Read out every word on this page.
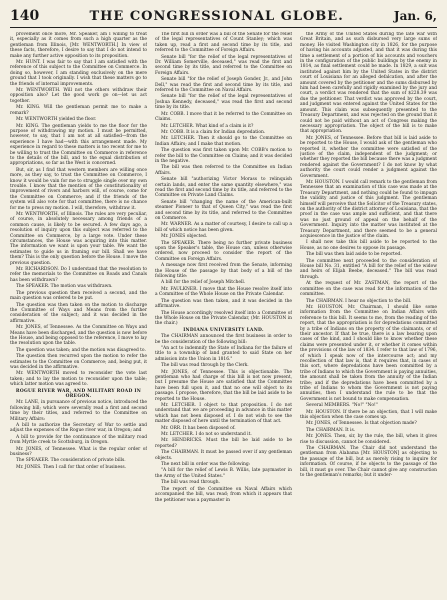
140	THE CONGRESSIONAL GLOBE.	Jan. 6,

provement once more, Mr. Speaker, am I willing to treat it, especially as it comes from such a high quarter as the gentleman from Illinois, [Mr. WENTWORTH.] In view of these facts, therefore, I desire to say that I do not intend to make any further active opposition to its proposition.

Mr. HUNT. I was fair to say that I am satisfied with the reference of this subject to the Committee on Commerce. In doing so, however, I am standing exclusively on the mere ground that I took originally. I wish that these matters go to the friends of internal improvements.

Mr. WENTWORTH. Will not the others withdraw their opposition also? Let the good work go on—let us act together.

Mr. KING. Will the gentleman permit me to make a remark?

Mr. WENTWORTH yielded the floor.

Mr. KING. The gentleman yields to me the floor for the purpose of withdrawing my motion. I must be permitted, however, to say, that I am not at all satisfied—from the experience I have had—with this arrangement made. My experience in regard to these matters is too recent for me to be willing to trust the Committee on Commerce in reference to the details of the bill, and to the equal distribution of appropriations, so far as the West is concerned.

But, sir, as I find that western members are willing once more, as they say, to trust the Committee on Commerce, I know it would be vain for me to struggle single over my own trouble. I know that the mention of the constitutionality of improvement of rivers and harbors will, of course, come for the Committee on Commerce; and if the friends of the system will also vote for that committee, there is no chance for me to press my motion. I will, therefore, withdraw it.

Mr. WENTWORTH, of Illinois. The rules are very peculiar, of course, in absolutely necessary among friends of a common cause, is likely to be secured. A few days ago, a resolution of inquiry upon this subject was referred to the Committee on Commerce, by a large vote. Under these circumstances, the House was acquiring into this matter. The information we want is upon your table. We want the estimates to guide us in framing our bill. Shall we have them? This is the only question before the House. I move the previous question.

Mr. RICHARDSON. Do I understand that the resolution to refer the memorials to the Committee on Roads and Canals has been withdrawn?

The SPEAKER. The motion was withdrawn.

The previous question then received a second, and the main question was ordered to be put.

The question was then taken on the motion to discharge the Committee of Ways and Means from the further consideration of the subject; and it was decided in the affirmative.

Mr. JONES, of Tennessee. As the Committee on Ways and Means have been discharged, and the question is now before the House, and being opposed to the reference, I move to lay the resolution upon the table.

The question was taken; and the motion was disagreed to.

The question then recurred upon the motion to refer the estimates to the Committee on Commerce; and, being put, it was decided in the affirmative.

Mr. WENTWORTH moved to reconsider the vote last taken; and to lay the motion to reconsider upon the table; which latter motion was agreed to.

ROGUE RIVER WAR, AND MILITARY ROAD IN OREGON.

Mr. LANE, in pursuance of previous notice, introduced the following bill; which were severally read a first and second time by their titles, and referred to the Committee on Military Affairs:

A bill to authorize the Secretary of War to settle and adjust the expenses of the Rogue river war, in Oregon; and

A bill to provide for the continuance of the military road from Myrtle creek to Scottsburg, in Oregon.

Mr. JONES, of Tennessee. What is the regular order of business?

The SPEAKER. The consideration of private bills.

Mr. JONES. Then I call for that order of business.

The first bill in order was a bill of the Senate for the relief of the legal representatives of Count Stanley; which was taken up, read a first and second time by its title, and referred to the Committee of Foreign Affairs.

Senate bill "for the relief of the legal representatives of Dr. William Somerville, deceased," was read the first and second time by its title, and referred to the Committee on Foreign Affairs.

Senate bill "for the relief of Joseph Gonder, Jr., and John Dell," was read the first and second time by its title, and referred to the Committee on Naval Affairs.

Senate bill "for the relief of the legal representatives of Joshua Kennedy, deceased," was read the first and second time by its title.

Mr. COBB. I move that it be referred to the Committee on Claims.

Mr. LETCHER. What kind of a claim is it?

Mr. COBB. It is a claim for Indian depredation.

Mr. LETCHER. Then it should go to the Committee on Indian Affairs; and I make that motion.

The question was first taken upon Mr. COBB's motion to refer the bill to the Committee on Claims; and it was decided in the negative.

The bill was then referred to the Committee on Indian Affairs.

Senate bill "authorizing Victor Morass to relinquish certain lands, and enter the same quantity elsewhere," was read the first and second time by its title, and referred to the Committee on Private Land Claims.

Senate bill "changing the name of the American-built steamer Pioneer to that of Queen City," was read the first and second time by its title, and referred to the Committee on Commerce.

Mr. WARNER. As a matter of courtesy, I desire to call up a bill of which notice has been given.

Mr. JONES objected.

The SPEAKER. There being no further private business upon the Speaker's table, the House can, unless otherwise ordered, now proceed to consider the report of the Committee on Foreign Affairs.

A message now first received from the Senate, informing the House of the passage by that body of a bill of the following title:

A bill for the relief of Joseph Mitchell.

Mr. FAULKNER. I move that the House resolve itself into a Committee of the Whole House on the Private Calendar.

The question was then taken, and it was decided in the affirmative.

The House accordingly resolved itself into a Committee of the Whole House on the Private Calendar, (Mr. HOUSTON in the chair.)

INDIANA UNIVERSITY LAND.

The CHAIRMAN announced the first business in order to be the consideration of the following bill:

"An act to indemnify the State of Indiana for the failure of title to a township of land granted to said State on her admission into the Union in 1816."

The bill was read through by the Clerk.

Mr. JONES, of Tennessee. This is objectionable. The gentleman who had charge of this bill is not now present, but I presume the House are satisfied that the Committee have been full upon it, and that no one will object to its passage. I propose, therefore, that the bill be laid aside to be reported to the House.

Mr. LETCHER. I object to that proposition. I do not understand that we are proceeding in advance in this matter which has not been disposed of. I do not wish to see the matter disposed of here until the termination of that act.

Mr. ORR. It has been disposed of.

Mr. LETCHER. I do not so understand it.

Mr. HENDRICKS. Must the bill be laid aside to be reported?

The CHAIRMAN. It must be passed over if any gentleman objects.

The next bill in order was the following:

"A bill for the relief of Lewis B. Willis, late paymaster in the Army of the United States."

The bill was read through.

The report of the Committee on Naval Affairs which accompanied the bill, was read; from which it appears that the petitioner was a paymaster in

the Army of the United States during the late war with Great Britain, and as such disbursed very large sums of money. He visited Washington city in 1826, for the purpose of having his accounts adjusted, and that it was during this time a settlement of a portion of his accounts and vouchers in the configuration of the public buildings by the enemy in 1814, as final settlement could be made. In 1829, a suit was instituted against him by the United States in the district court of Louisiana for an alleged defalcation, and after the amount covered by the petitioner and the sums disbursed by him had been carefully and rigidly examined by the jury and court, a verdict was rendered that the sum of $228.39 was due the petitioner. That verdict was approved by the court, and judgment was entered against the United States for the amount. This claim was subsequently presented to the Treasury Department, and was rejected on the ground that it could not be paid without an act of Congress making the necessary appropriation. The object of the bill is to make that appropriation.

Mr. JONES, of Tennessee. Before that bill is laid aside to be reported to the House, I would ask of the gentleman who reported it, whether the committee were satisfied of the justice of the claim, independent of the judgment; or whether they reported the bill because there was a judgment rendered against the Government? I do not know by what authority the court could render a judgment against the Government.

Mr. HOUSTON. I would call remark to the gentleman from Tennessee that an examination of this case was made at the Treasury Department, and nothing could be found to impugn the validity and justice of this judgment. The gentleman himself will perceive that the Solicitor of the Treasury states, on the authority of the district attorney of Louisiana, that the proof in the case was ample and sufficient, and that there was no just ground of appeal on the behalf of the Government. Inquiry into the matter was instituted at the Treasury Department, and there seemed to be a general acquiescence in the justice of the claim.

I shall now take this bill aside to be reported to the House, as no one desires to oppose its passage.

The bill was then laid aside to be reported.

The committee next proceeded to the consideration of House bill No. 31, entitled "A bill for the relief of the widow and heirs of Elijah Beebe, deceased." The bill was read through.

At the request of Mr. ZASTMAN, the report of the committee on the case was read for the information of the committee.

The CHAIRMAN. I hear no objection to the bill.

Mr. HOUSTON. Mr. Chairman, I should like some information from the Committee on Indian Affairs with reference to this bill. It seems to me, from the reading of the report, that the appropriation is for depredations committed by a tribe of Indians on the property of the claimants, or of their ancestor. If that be true, there is a law bearing upon cases of the kind, and I should like to know whether these claims were presented under it, or whether it comes within the provisions of the law of 1834. I refer to that law of 1796, of which I speak now of the intercourse act; and my recollection of that law is, that it requires that, in cases of this sort, where depredations have been committed by a tribe of Indians to which the Government is paying annuities, the amount shall be taken from the annuity of the Indian tribe; and if the depredations have been committed by a tribe of Indians to whom the Government is not paying annuities, then I understand the rule to be that the Government is not bound to make compensation.

Several MEMBERS. "No!" "No!"

Mr. HOUSTON. If there be an objection, that I will make this objection when the case comes up.

Mr. JONES, of Tennessee. Is that objection made?

The CHAIRMAN. It is.

Mr. JONES. Then, sir, by the rule, the bill, when it gives rise to discussion, cannot be considered.

The CHAIRMAN. The Chair did not understand the gentleman from Alabama [Mr. HOUSTON] as objecting to the passage of the bill, but as merely rising to inquire for information. Of course, if he objects to the passage of the bill, it must go over. The Chair cannot give any construction to the gentleman's remarks; but it under-
